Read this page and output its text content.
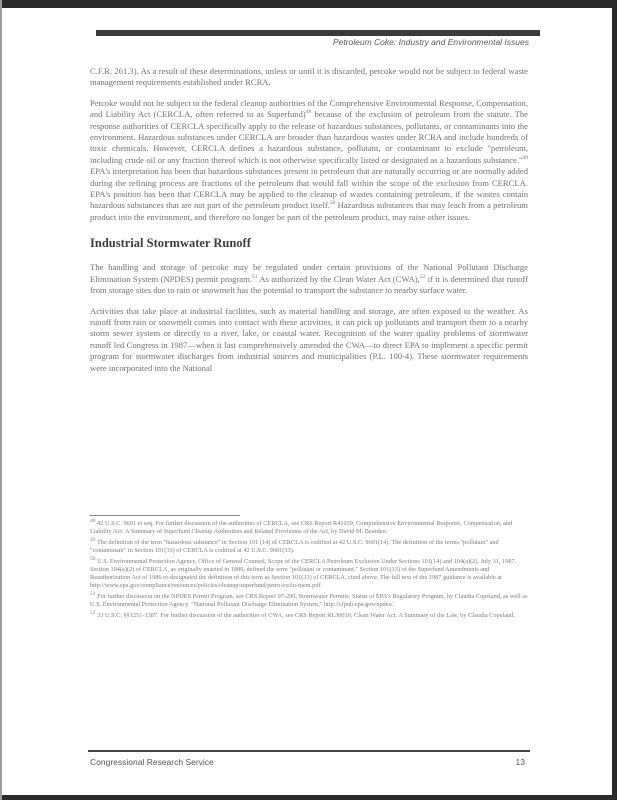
Petroleum Coke: Industry and Environmental Issues

C.F.R. 261.3). As a result of these determinations, unless or until it is discarded, petcoke would not be subject to federal waste management requirements established under RCRA.

Petcoke would not be subject to the federal cleanup authorities of the Comprehensive Environmental Response, Compensation, and Liability Act (CERCLA, often referred to as Superfund)$^{48}$ because of the exclusion of petroleum from the statute. The response authorities of CERCLA specifically apply to the release of hazardous substances, pollutants, or contaminants into the environment. Hazardous substances under CERCLA are broader than hazardous wastes under RCRA and include hundreds of toxic chemicals. However, CERCLA defines a hazardous substance, pollutant, or contaminant to exclude "petroleum, including crude oil or any fraction thereof which is not otherwise specifically listed or designated as a hazardous substance."$^{49}$ EPA's interpretation has been that hazardous substances present in petroleum that are naturally occurring or are normally added during the refining process are fractions of the petroleum that would fall within the scope of the exclusion from CERCLA. EPA's position has been that CERCLA may be applied to the cleanup of wastes containing petroleum, if the wastes contain hazardous substances that are not part of the petroleum product itself.$^{50}$ Hazardous substances that may leach from a petroleum product into the environment, and therefore no longer be part of the petroleum product, may raise other issues.

Industrial Stormwater Runoff

The handling and storage of petcoke may be regulated under certain provisions of the National Pollutant Discharge Elimination System (NPDES) permit program.$^{51}$ As authorized by the Clean Water Act (CWA),$^{52}$ if it is determined that runoff from storage sites due to rain or snowmelt has the potential to transport the substance to nearby surface water.

Activities that take place at industrial facilities, such as material handling and storage, are often exposed to the weather. As runoff from rain or snowmelt comes into contact with these activities, it can pick up pollutants and transport them to a nearby storm sewer system or directly to a river, lake, or coastal water. Recognition of the water quality problems of stormwater runoff led Congress in 1987—when it last comprehensively amended the CWA—to direct EPA to implement a specific permit program for stormwater discharges from industrial sources and municipalities (P.L. 100-4). These stormwater requirements were incorporated into the National

$^{48}$ 42 U.S.C. 9601 et seq. For further discussion of the authorities of CERCLA, see CRS Report R41039, Comprehensive Environmental Response, Compensation, and Liability Act: A Summary of Superfund Cleanup Authorities and Related Provisions of the Act, by David M. Bearden.

$^{49}$ The definition of the term "hazardous substance" in Section 101 (14) of CERCLA is codified at 42 U.S.C. 9601(14). The definition of the terms "pollutant" and "contaminant" in Section 101(33) of CERCLA is codified at 42 U.S.C. 9601(33).

$^{50}$ U.S. Environmental Protection Agency, Office of General Counsel, Scope of the CERCLA Petroleum Exclusion Under Sections 101(14) and 104(a)(2), July 31, 1987. Section 104(a)(2) of CERCLA, as originally enacted in 1980, defined the term "pollutant or contaminant." Section 101(33) of the Superfund Amendments and Reauthorization Act of 1986 re-designated the definition of this term as Section 101(33) of CERCLA, cited above. The full text of the 1987 guidance is available at http://www.epa.gov/compliance/resources/policies/cleanup/superfund/petro-exclu-mem.pdf.

$^{51}$ For further discussion on the NPDES Permit Program, see CRS Report 97-290, Stormwater Permits: Status of EPA's Regulatory Program, by Claudia Copeland, as well as U.S. Environmental Protection Agency, "National Pollutant Discharge Elimination System," http://cfpub.epa.gov/npdes/.

$^{52}$ 33 U.S.C. §§1251-1387. For further discussion of the authorities of CWA, see CRS Report RL30030, Clean Water Act: A Summary of the Law, by Claudia Copeland.

Congressional Research Service	13
